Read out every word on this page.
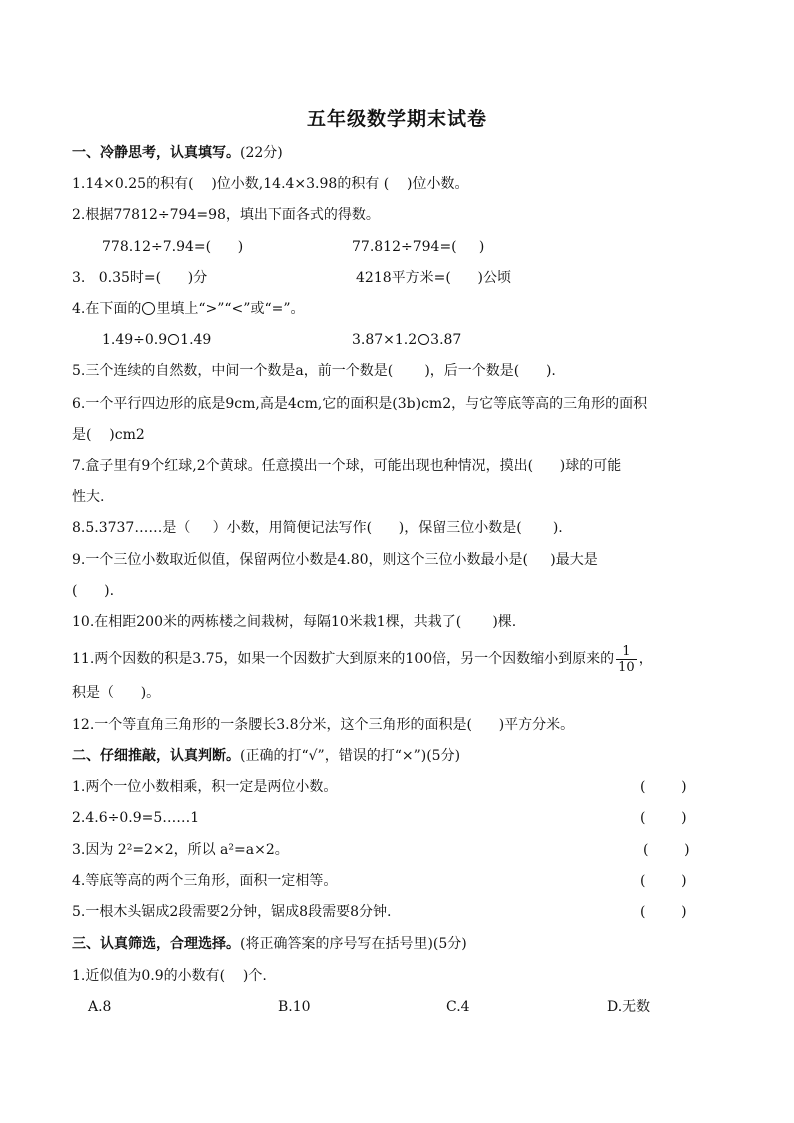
五年级数学期末试卷
一、冷静思考，认真填写。(22分)
1.14×0.25的积有(    )位小数,14.4×3.98的积有 (    )位小数。
2.根据77812÷794=98，填出下面各式的得数。
778.12÷7.94=(      )	77.812÷794=(     )
3.   0.35时=(      )分	4218平方米=(      )公顷
4.在下面的 里填上“>”“<”或“=”。
1.49÷0.9 1.49	3.87×1.2 3.87
5.三个连续的自然数，中间一个数是a，前一个数是(       )，后一个数是(      ).
6.一个平行四边形的底是9cm,高是4cm,它的面积是(3b)cm2，与它等底等高的三角形的面积
是(    )cm2
7.盒子里有9个红球,2个黄球。任意摸出一个球，可能出现也种情况，摸出(      )球的可能
性大.
8.5.3737……是（     ）小数，用简便记法写作(      )，保留三位小数是(       ).
9.一个三位小数取近似值，保留两位小数是4.80，则这个三位小数最小是(     )最大是
(      ).
10.在相距200米的两栋楼之间栽树，每隔10米栽1棵，共栽了(       )棵.
11.两个因数的积是3.75，如果一个因数扩大到原来的100倍，另一个因数缩小到原来的 $\frac{1}{10}$ ，
积是（      )。
12.一个等直角三角形的一条腰长3.8分米，这个三角形的面积是(      )平方分米。
二、仔细推敲，认真判断。(正确的打“√”，错误的打“×”)(5分)
1.两个一位小数相乘，积一定是两位小数。	(        )
2.4.6÷0.9=5……1	(        )
3.因为 2²=2×2，所以 a²=a×2。	(        )
4.等底等高的两个三角形，面积一定相等。	(        )
5.一根木头锯成2段需要2分钟，锯成8段需要8分钟.	(        )
三、认真筛选，合理选择。(将正确答案的序号写在括号里)(5分)
1.近似值为0.9的小数有(    )个.
A.8	B.10	C.4	D.无数
